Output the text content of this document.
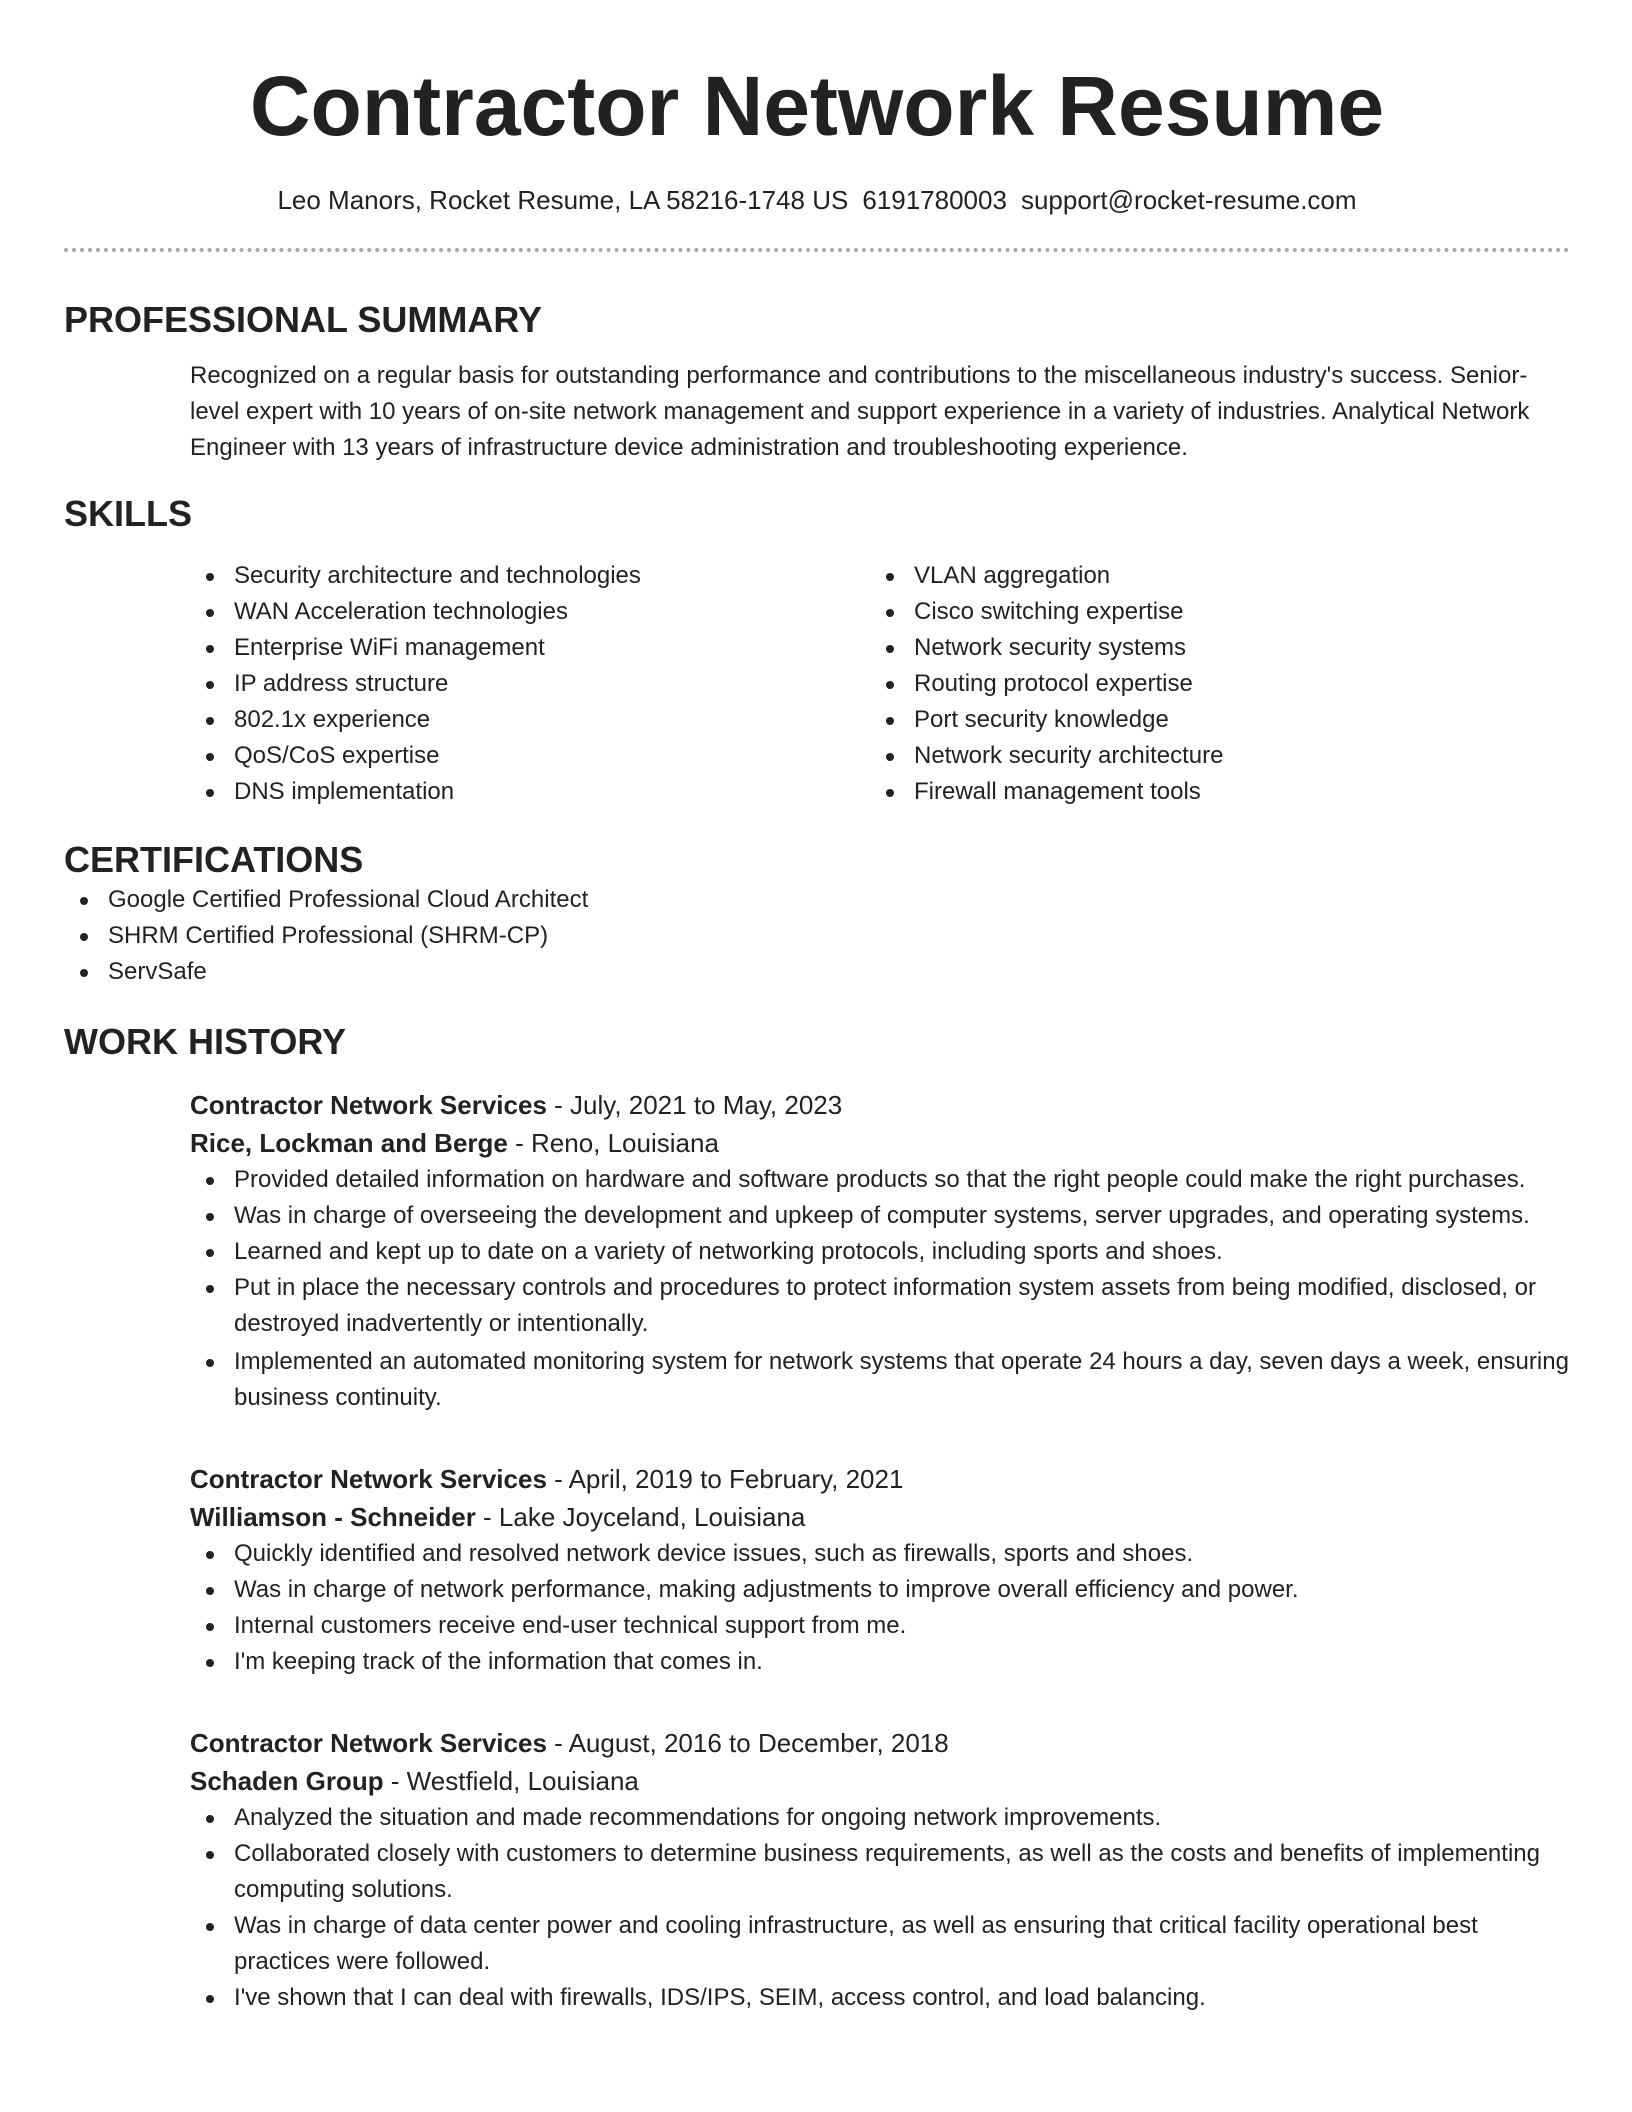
Contractor Network Resume
Leo Manors, Rocket Resume, LA 58216-1748 US 6191780003 support@rocket-resume.com
PROFESSIONAL SUMMARY
Recognized on a regular basis for outstanding performance and contributions to the miscellaneous industry's success. Senior-level expert with 10 years of on-site network management and support experience in a variety of industries. Analytical Network Engineer with 13 years of infrastructure device administration and troubleshooting experience.
SKILLS
Security architecture and technologies
WAN Acceleration technologies
Enterprise WiFi management
IP address structure
802.1x experience
QoS/CoS expertise
DNS implementation
VLAN aggregation
Cisco switching expertise
Network security systems
Routing protocol expertise
Port security knowledge
Network security architecture
Firewall management tools
CERTIFICATIONS
Google Certified Professional Cloud Architect
SHRM Certified Professional (SHRM-CP)
ServSafe
WORK HISTORY
Contractor Network Services - July, 2021 to May, 2023
Rice, Lockman and Berge - Reno, Louisiana
Provided detailed information on hardware and software products so that the right people could make the right purchases.
Was in charge of overseeing the development and upkeep of computer systems, server upgrades, and operating systems.
Learned and kept up to date on a variety of networking protocols, including sports and shoes.
Put in place the necessary controls and procedures to protect information system assets from being modified, disclosed, or destroyed inadvertently or intentionally.
Implemented an automated monitoring system for network systems that operate 24 hours a day, seven days a week, ensuring business continuity.
Contractor Network Services - April, 2019 to February, 2021
Williamson - Schneider - Lake Joyceland, Louisiana
Quickly identified and resolved network device issues, such as firewalls, sports and shoes.
Was in charge of network performance, making adjustments to improve overall efficiency and power.
Internal customers receive end-user technical support from me.
I'm keeping track of the information that comes in.
Contractor Network Services - August, 2016 to December, 2018
Schaden Group - Westfield, Louisiana
Analyzed the situation and made recommendations for ongoing network improvements.
Collaborated closely with customers to determine business requirements, as well as the costs and benefits of implementing computing solutions.
Was in charge of data center power and cooling infrastructure, as well as ensuring that critical facility operational best practices were followed.
I've shown that I can deal with firewalls, IDS/IPS, SEIM, access control, and load balancing.
